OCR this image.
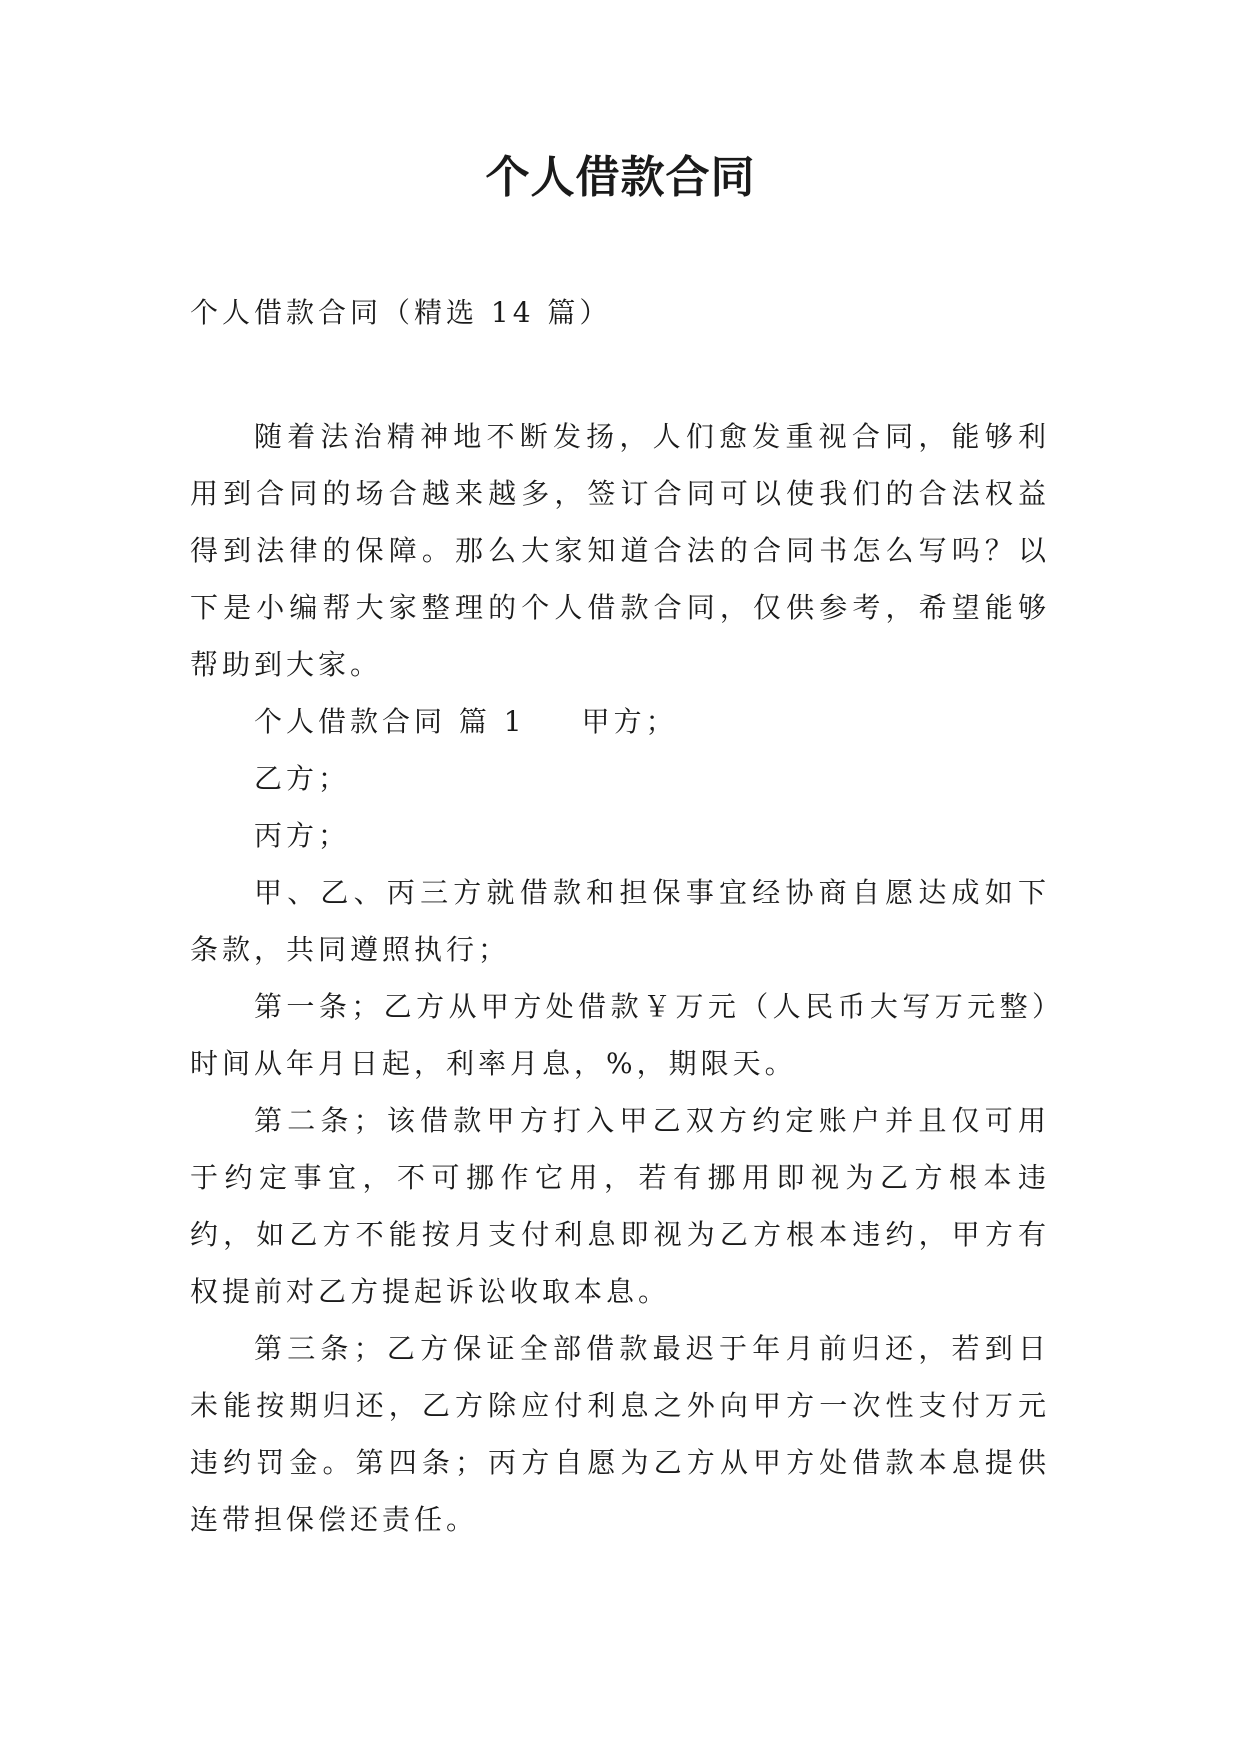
个人借款合同
个人借款合同（精选 14 篇）

随着法治精神地不断发扬，人们愈发重视合同，能够利用到合同的场合越来越多，签订合同可以使我们的合法权益得到法律的保障。那么大家知道合法的合同书怎么写吗？以下是小编帮大家整理的个人借款合同，仅供参考，希望能够帮助到大家。

个人借款合同 篇 1 甲方；

乙方；

丙方；

甲、乙、丙三方就借款和担保事宜经协商自愿达成如下条款，共同遵照执行；

第一条；乙方从甲方处借款￥万元（人民币大写万元整）时间从年月日起，利率月息，%，期限天。

第二条；该借款甲方打入甲乙双方约定账户并且仅可用于约定事宜，不可挪作它用，若有挪用即视为乙方根本违约，如乙方不能按月支付利息即视为乙方根本违约，甲方有权提前对乙方提起诉讼收取本息。

第三条；乙方保证全部借款最迟于年月前归还，若到日未能按期归还，乙方除应付利息之外向甲方一次性支付万元违约罚金。第四条；丙方自愿为乙方从甲方处借款本息提供连带担保偿还责任。
